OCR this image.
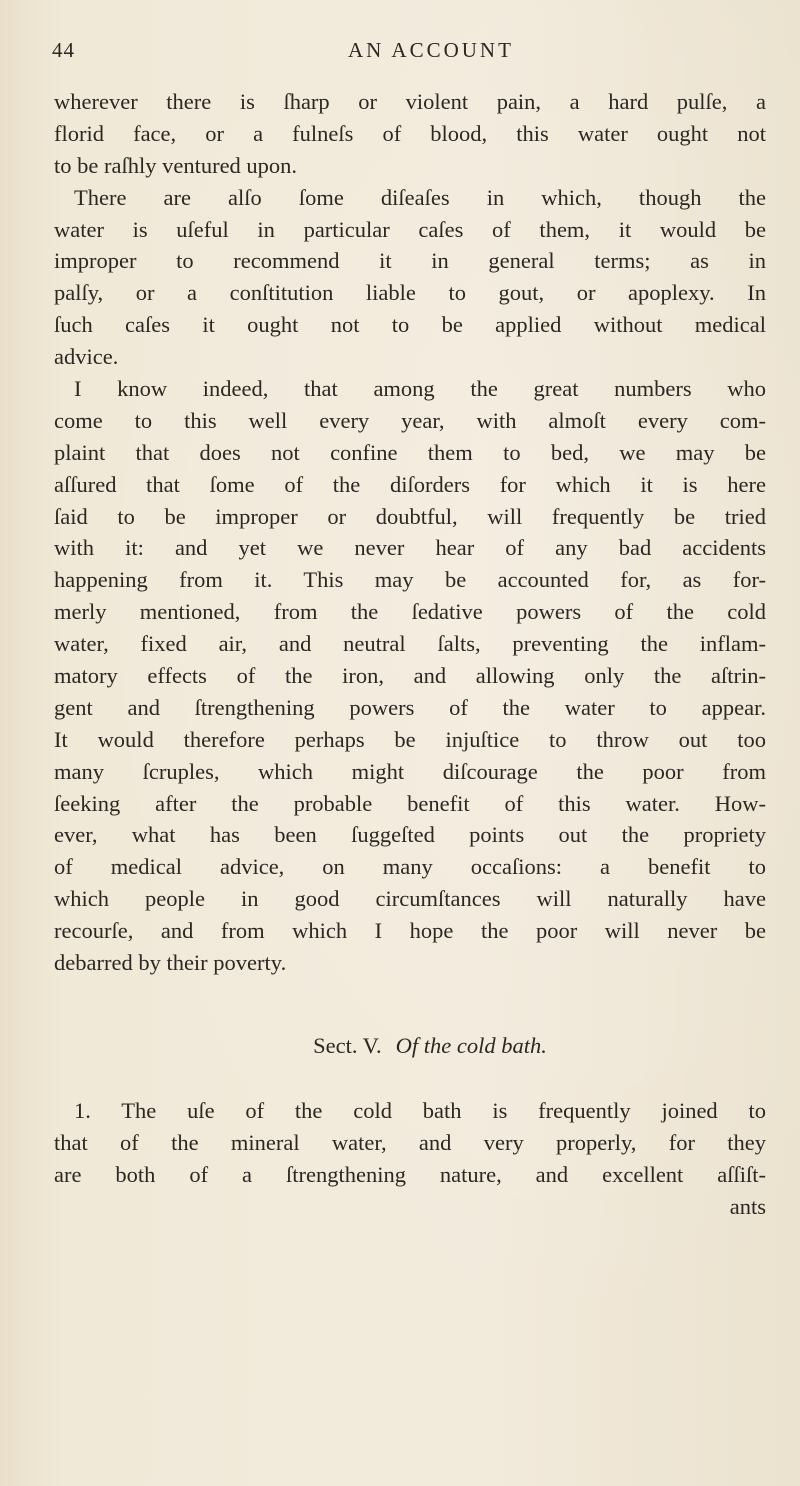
44	AN ACCOUNT
wherever there is ſharp or violent pain, a hard pulſe, a
florid face, or a fulneſs of blood, this water ought not
to be raſhly ventured upon.
There are alſo ſome diſeaſes in which, though the
water is uſeful in particular caſes of them, it would be
improper to recommend it in general terms; as in
palſy, or a conſtitution liable to gout, or apoplexy. In
ſuch caſes it ought not to be applied without medical
advice.
I know indeed, that among the great numbers who
come to this well every year, with almoſt every com-
plaint that does not confine them to bed, we may be
aſſured that ſome of the diſorders for which it is here
ſaid to be improper or doubtful, will frequently be tried
with it: and yet we never hear of any bad accidents
happening from it. This may be accounted for, as for-
merly mentioned, from the ſedative powers of the cold
water, fixed air, and neutral ſalts, preventing the inflam-
matory effects of the iron, and allowing only the aſtrin-
gent and ſtrengthening powers of the water to appear.
It would therefore perhaps be injuſtice to throw out too
many ſcruples, which might diſcourage the poor from
ſeeking after the probable benefit of this water. How-
ever, what has been ſuggeſted points out the propriety
of medical advice, on many occaſions: a benefit to
which people in good circumſtances will naturally have
recourſe, and from which I hope the poor will never be
debarred by their poverty.
Sect. V. Of the cold bath.
1. The uſe of the cold bath is frequently joined to
that of the mineral water, and very properly, for they
are both of a ſtrengthening nature, and excellent aſſiſt-
ants
